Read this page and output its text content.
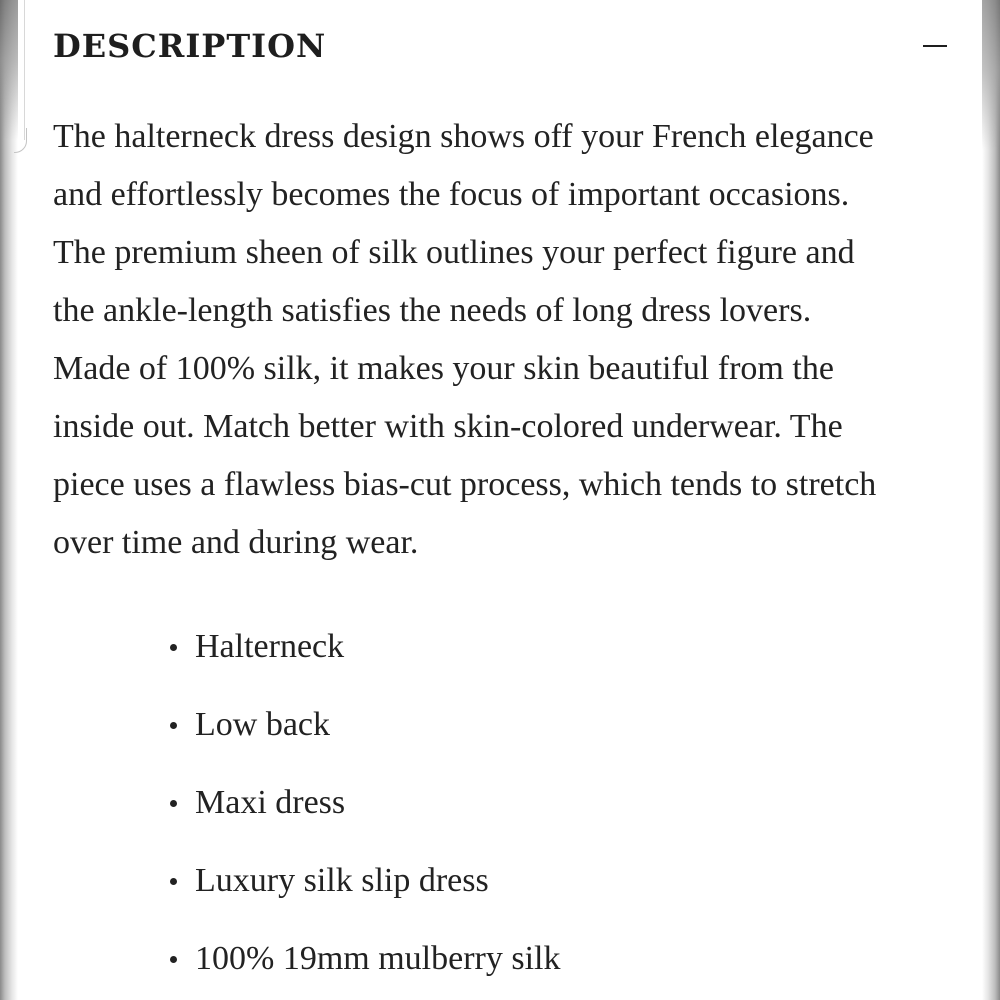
DESCRIPTION

The halterneck dress design shows off your French elegance
and effortlessly becomes the focus of important occasions.
The premium sheen of silk outlines your perfect figure and
the ankle-length satisfies the needs of long dress lovers.
Made of 100% silk, it makes your skin beautiful from the
inside out. Match better with skin-colored underwear. The
piece uses a flawless bias-cut process, which tends to stretch
over time and during wear.

Halterneck
Low back
Maxi dress
Luxury silk slip dress
100% 19mm mulberry silk
